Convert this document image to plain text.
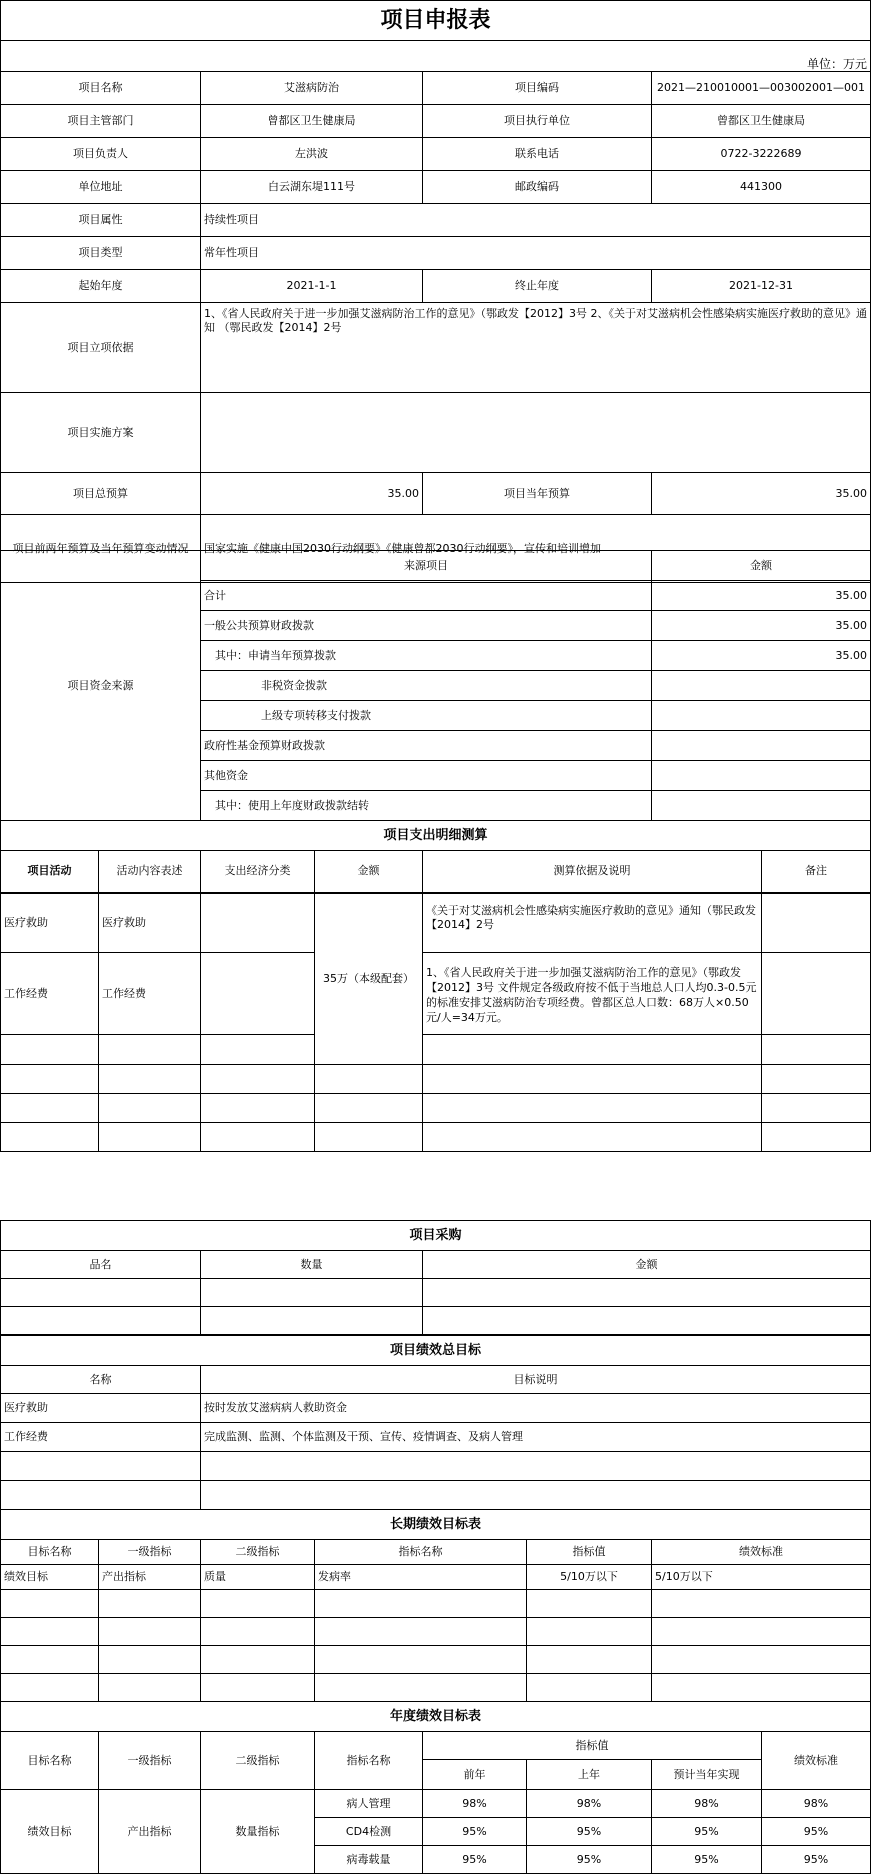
项目申报表			
单位：万元			
项目名称	艾滋病防治	项目编码	2021—210010001—003002001—001
项目主管部门	曾都区卫生健康局	项目执行单位	曾都区卫生健康局
项目负责人	左洪波	联系电话	0722-3222689
单位地址	白云湖东堤111号	邮政编码	441300
项目属性	持续性项目		
项目类型	常年性项目		
起始年度	2021-1-1	终止年度	2021-12-31
项目立项依据	1、《省人民政府关于进一步加强艾滋病防治工作的意见》（鄂政发【2012】3号 2、《关于对艾滋病机会性感染病实施医疗救助的意见》通知 （鄂民政发【2014】2号		
项目实施方案			
项目总预算	35.00	项目当年预算	35.00
项目前两年预算及当年预算变动情况	国家实施《健康中国2030行动纲要》《健康曾都2030行动纲要》，宣传和培训增加		
项目资金来源	来源项目	金额
	合计	35.00
	一般公共预算财政拨款	35.00
	其中：申请当年预算拨款	35.00
	非税资金拨款	
	上级专项转移支付拨款	
	政府性基金预算财政拨款	
	其他资金	
	其中：使用上年度财政拨款结转	
项目支出明细测算					
项目活动	活动内容表述	支出经济分类	金额	测算依据及说明	备注
医疗救助	医疗救助		35万（本级配套）	《关于对艾滋病机会性感染病实施医疗救助的意见》通知（鄂民政发【2014】2号	
工作经费	工作经费			1、《省人民政府关于进一步加强艾滋病防治工作的意见》（鄂政发【2012】3号 文件规定各级政府按不低于当地总人口人均0.3-0.5元的标准安排艾滋病防治专项经费。曾都区总人口数：68万人×0.50元/人=34万元。	

项目采购		
品名	数量	金额

项目绩效总目标	
名称	目标说明
医疗救助	按时发放艾滋病病人救助资金
工作经费	完成监测、监测、个体监测及干预、宣传、疫情调查、及病人管理

长期绩效目标表					
目标名称	一级指标	二级指标	指标名称	指标值	绩效标准
绩效目标	产出指标	质量	发病率	5/10万以下	5/10万以下

年度绩效目标表							
目标名称	一级指标	二级指标	指标名称	指标值			绩效标准
				前年	上年	预计当年实现	
绩效目标	产出指标	数量指标	病人管理	98%	98%	98%	98%
			CD4检测	95%	95%	95%	95%
			病毒载量	95%	95%	95%	95%
